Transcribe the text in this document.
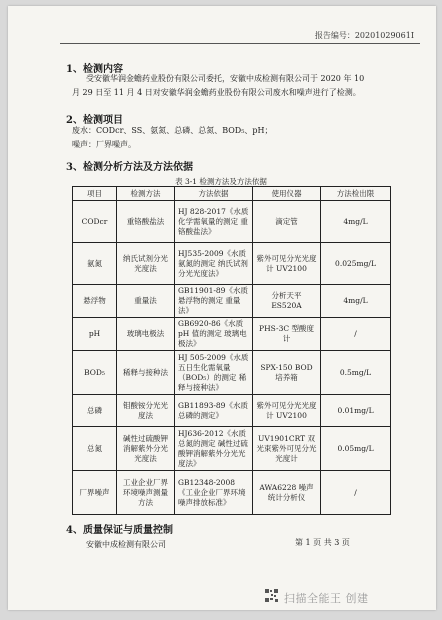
报告编号：20201029061I
1、检测内容
受安徽华润金蟾药业股份有限公司委托，安徽中成检测有限公司于 2020 年 10 月 29 日至 11 月 4 日对安徽华润金蟾药业股份有限公司废水和噪声进行了检测。
2、检测项目
废水：CODcr、SS、氨氮、总磷、总氮、BOD₅、pH；
噪声：厂界噪声。
3、检测分析方法及方法依据
表 3-1 检测方法及方法依据
项目	检测方法	方法依据	使用仪器	方法检出限
CODcr	重铬酸盐法	HJ 828-2017《水质 化学需氧量的测定 重铬酸盐法》	滴定管	4mg/L
氨氮	纳氏试剂分光光度法	HJ535-2009《水质 氨氮的测定 纳氏试剂分光光度法》	紫外可见分光光度计 UV2100	0.025mg/L
悬浮物	重量法	GB11901-89《水质 悬浮物的测定 重量法》	分析天平 ES520A	4mg/L
pH	玻璃电极法	GB6920-86《水质 pH 值的测定 玻璃电极法》	PHS-3C 型酸度计	/
BOD₅	稀释与接种法	HJ 505-2009《水质 五日生化需氧量（BOD₅）的测定 稀释与接种法》	SPX-150 BOD 培养箱	0.5mg/L
总磷	钼酸铵分光光度法	GB11893-89《水质 总磷的测定》	紫外可见分光光度计 UV2100	0.01mg/L
总氮	碱性过硫酸钾消解紫外分光光度法	HJ636-2012《水质 总氮的测定 碱性过硫酸钾消解紫外分光光度法》	UV1901CRT 双光束紫外可见分光光度计	0.05mg/L
厂界噪声	工业企业厂界环境噪声测量方法	GB12348-2008《工业企业厂界环境噪声排放标准》	AWA6228 噪声统计分析仪	/
4、质量保证与质量控制
安徽中成检测有限公司	第 1 页 共 3 页
扫描全能王 创建
